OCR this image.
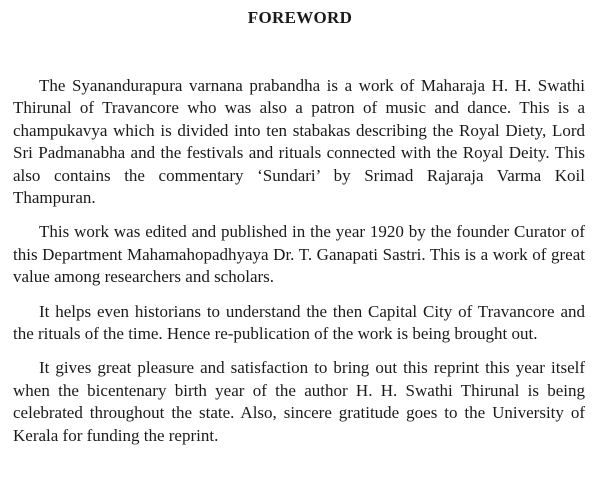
FOREWORD

The Syanandurapura varnana prabandha is a work of Maharaja H. H. Swathi Thirunal of Travancore who was also a patron of music and dance. This is a champukavya which is divided into ten stabakas describing the Royal Diety, Lord Sri Padmanabha and the festivals and rituals connected with the Royal Deity. This also contains the commentary ‘Sundari’ by Srimad Rajaraja Varma Koil Thampuran.

This work was edited and published in the year 1920 by the founder Curator of this Department Mahamahopadhyaya Dr. T. Ganapati Sastri. This is a work of great value among researchers and scholars.

It helps even historians to understand the then Capital City of Travancore and the rituals of the time. Hence re-publication of the work is being brought out.

It gives great pleasure and satisfaction to bring out this reprint this year itself when the bicentenary birth year of the author H. H. Swathi Thirunal is being celebrated throughout the state. Also, sincere gratitude goes to the University of Kerala for funding the reprint.
